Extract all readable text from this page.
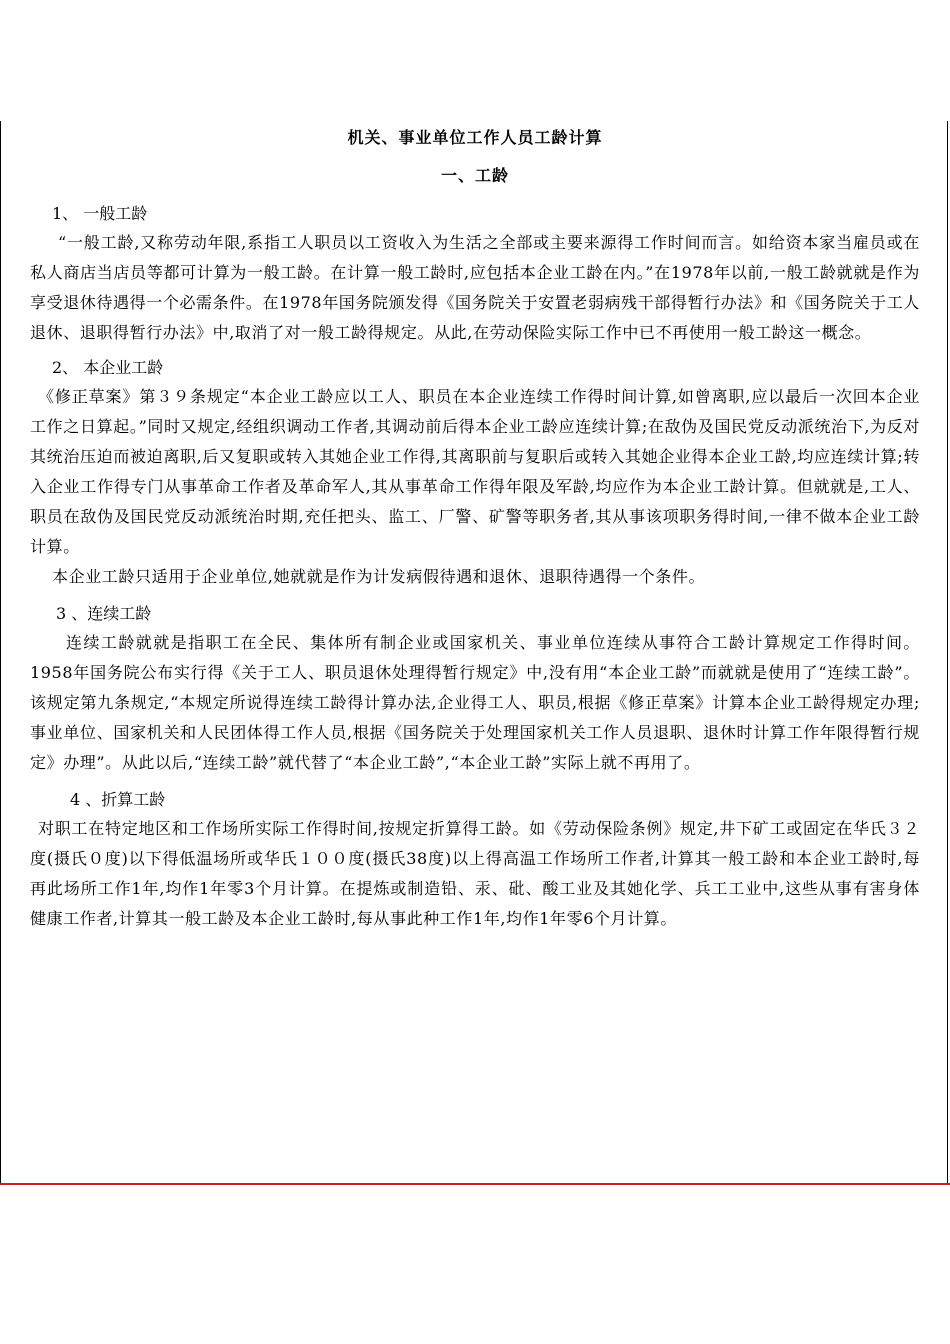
机关、事业单位工作人员工龄计算
一、工龄
1、 一般工龄

“一般工龄,又称劳动年限,系指工人职员以工资收入为生活之全部或主要来源得工作时间而言。如给资本家当雇员或在私人商店当店员等都可计算为一般工龄。在计算一般工龄时,应包括本企业工龄在内。”在1978年以前,一般工龄就就是作为享受退休待遇得一个必需条件。在1978年国务院颁发得《国务院关于安置老弱病残干部得暂行办法》和《国务院关于工人退休、退职得暂行办法》中,取消了对一般工龄得规定。从此,在劳动保险实际工作中已不再使用一般工龄这一概念。

2、 本企业工龄

《修正草案》第３９条规定“本企业工龄应以工人、职员在本企业连续工作得时间计算,如曾离职,应以最后一次回本企业工作之日算起。”同时又规定,经组织调动工作者,其调动前后得本企业工龄应连续计算;在敌伪及国民党反动派统治下,为反对其统治压迫而被迫离职,后又复职或转入其她企业工作得,其离职前与复职后或转入其她企业得本企业工龄,均应连续计算;转入企业工作得专门从事革命工作者及革命军人,其从事革命工作得年限及军龄,均应作为本企业工龄计算。但就就是,工人、职员在敌伪及国民党反动派统治时期,充任把头、监工、厂警、矿警等职务者,其从事该项职务得时间,一律不做本企业工龄计算。

本企业工龄只适用于企业单位,她就就是作为计发病假待遇和退休、退职待遇得一个条件。

3 、连续工龄

连续工龄就就是指职工在全民、集体所有制企业或国家机关、事业单位连续从事符合工龄计算规定工作得时间。1958年国务院公布实行得《关于工人、职员退休处理得暂行规定》中,没有用“本企业工龄”而就就是使用了“连续工龄”。该规定第九条规定,“本规定所说得连续工龄得计算办法,企业得工人、职员,根据《修正草案》计算本企业工龄得规定办理;事业单位、国家机关和人民团体得工作人员,根据《国务院关于处理国家机关工作人员退职、退休时计算工作年限得暂行规定》办理”。从此以后,“连续工龄”就代替了“本企业工龄”,“本企业工龄”实际上就不再用了。

4 、折算工龄

对职工在特定地区和工作场所实际工作得时间,按规定折算得工龄。如《劳动保险条例》规定,井下矿工或固定在华氏３２度(摄氏０度)以下得低温场所或华氏１００度(摄氏38度)以上得高温工作场所工作者,计算其一般工龄和本企业工龄时,每再此场所工作1年,均作1年零3个月计算。在提炼或制造铅、汞、砒、酸工业及其她化学、兵工工业中,这些从事有害身体健康工作者,计算其一般工龄及本企业工龄时,每从事此种工作1年,均作1年零6个月计算。
